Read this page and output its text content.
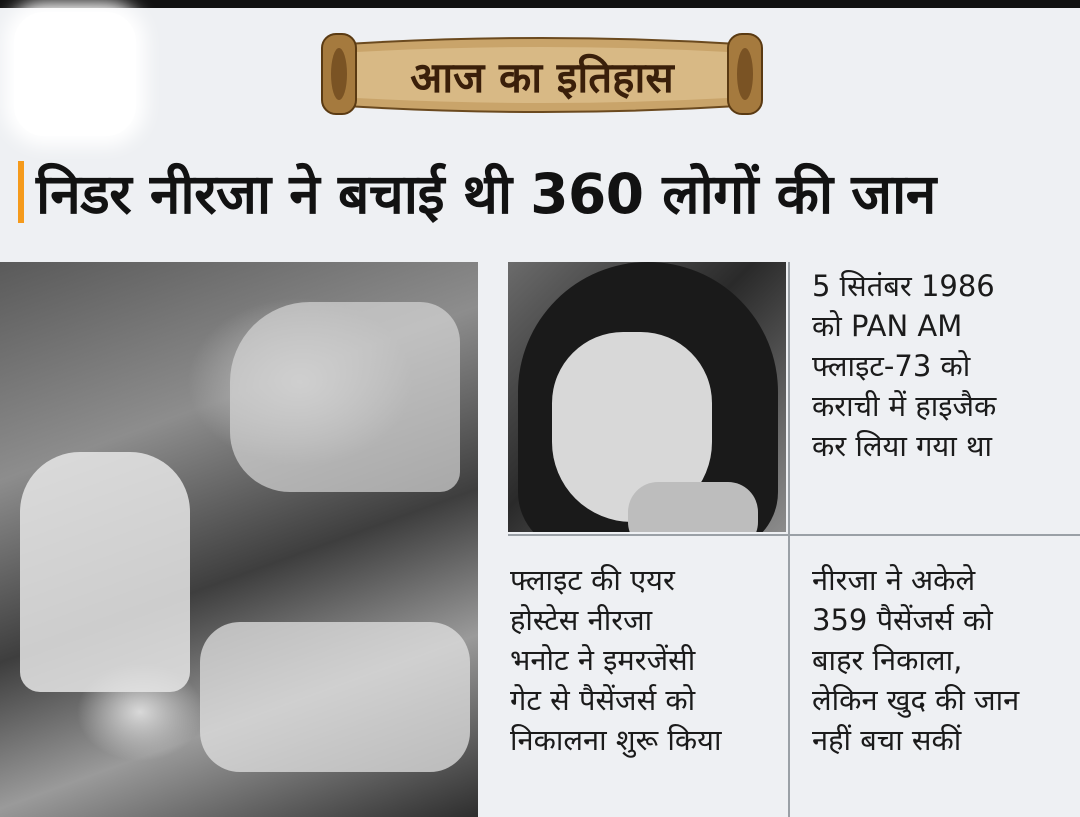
आज का इतिहास
निडर नीरजा ने बचाई थी 360 लोगों की जान
5 सितंबर 1986
को PAN AM
फ्लाइट-73 को
कराची में हाइजैक
कर लिया गया था
फ्लाइट की एयर
होस्टेस नीरजा
भनोट ने इमरजेंसी
गेट से पैसेंजर्स को
निकालना शुरू किया
नीरजा ने अकेले
359 पैसेंजर्स को
बाहर निकाला,
लेकिन खुद की जान
नहीं बचा सकीं
